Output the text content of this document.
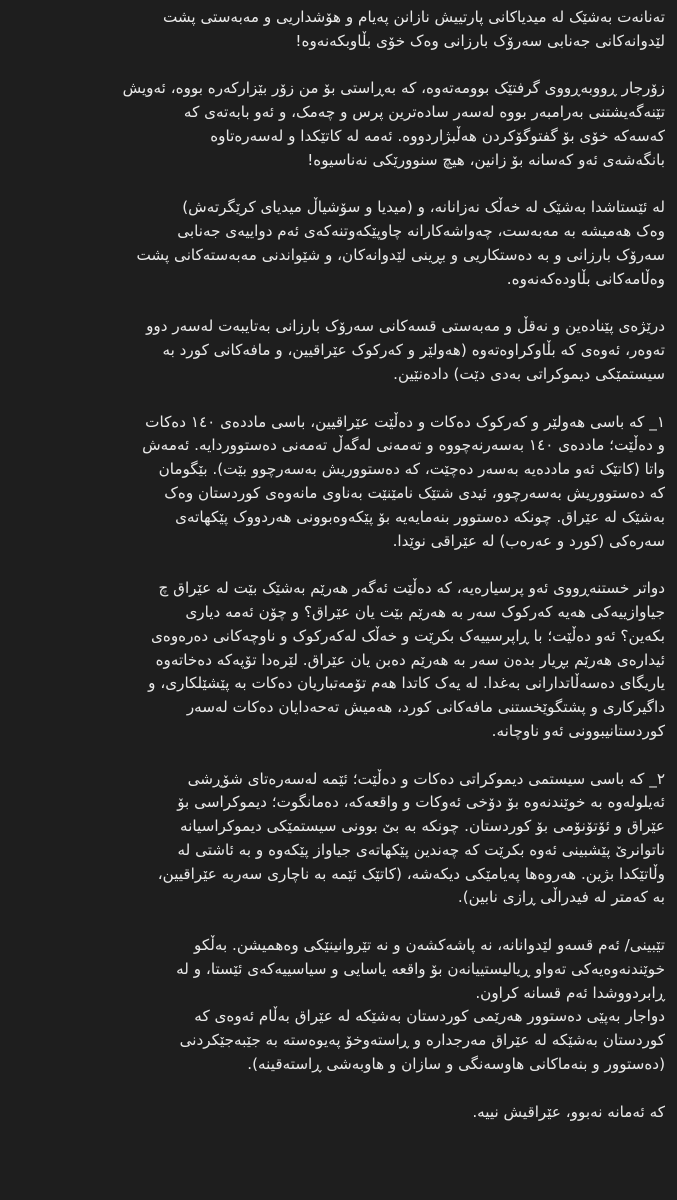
تەنانەت بەشێک لە میدیاکانی پارتییش نازانن پەیام و هۆشداریی و مەبەستی پشت
لێدوانەکانی جەنابی سەرۆک بارزانی وەک خۆی بڵاوبکەنەوە!

زۆرجار ڕووبەڕووی گرفتێک بوومەتەوە، کە بەڕاستی بۆ من زۆر بێزارکەرە بووە، ئەویش
تێنەگەیشتنی بەرامبەر بووە لەسەر سادەترین پرس و چەمک، و ئەو بابەتەی کە
کەسەکە خۆی بۆ گفتوگۆکردن هەڵبژاردووە. ئەمە لە کاتێکدا و لەسەرەتاوە
بانگەشەی ئەو کەسانە بۆ زانین، هیچ سنوورێکی نەناسیوە!

لە ئێستاشدا بەشێک لە خەڵک نەزانانە، و (میدیا و سۆشیاڵ میدیای کرێگرتەش)
وەک هەمیشە بە مەبەست، چەواشەکارانە چاوپێکەوتنەکەی ئەم دواییەی جەنابی
سەرۆک بارزانی و بە دەستکاریی و بڕینی لێدوانەکان، و شێواندنی مەبەستەکانی پشت
وەڵامەکانی بڵاودەکەنەوە.

درێژەی پێنادەین و نەقڵ و مەبەستی قسەکانی سەرۆک بارزانی بەتایبەت لەسەر دوو
تەوەر، ئەوەی کە بڵاوکراوەتەوە (هەولێر و کەرکوک عێراقیین، و مافەکانی کورد بە
سیستمێکی دیموکراتی بەدی دێت) دادەنێین.

١_ کە باسی هەولێر و کەرکوک دەکات و دەڵێت عێراقیین، باسی ماددەی ١٤٠ دەکات
و دەڵێت؛ ماددەی ١٤٠ بەسەرنەچووە و تەمەنی لەگەڵ تەمەنی دەستووردایە. ئەمەش
واتا (کاتێک ئەو ماددەیە بەسەر دەچێت، کە دەستووریش بەسەرچوو بێت). بێگومان
کە دەستووریش بەسەرچوو، ئیدی شتێک نامێنێت بەناوی مانەوەی کوردستان وەک
بەشێک لە عێراق. چونکە دەستوور بنەمایەیە بۆ پێکەوەبوونی هەردووک پێکهاتەی
سەرەکی (کورد و عەرەب) لە عێراقی نوێدا.

دواتر خستنەڕووی ئەو پرسیارەیە، کە دەڵێت ئەگەر هەرێم بەشێک بێت لە عێراق چ
جیاوازییەکی هەیە کەرکوک سەر بە هەرێم بێت یان عێراق؟ و چۆن ئەمە دیاری
بکەین؟ ئەو دەڵێت؛ با ڕاپرسییەک بکرێت و خەڵک لەکەرکوک و ناوچەکانی دەرەوەی
ئیدارەی هەرێم بڕیار بدەن سەر بە هەرێم دەبن یان عێراق. لێرەدا تۆپەکە دەخاتەوە
یاریگای دەسەڵاتدارانی بەغدا. لە یەک کاتدا هەم تۆمەتباریان دەکات بە پێشێلکاری، و
داگیرکاری و پشتگوێخستنی مافەکانی کورد، هەمیش تەحەدایان دەکات لەسەر
کوردستانیبوونی ئەو ناوچانە.

٢_ کە باسی سیستمی دیموکراتی دەکات و دەڵێت؛ ئێمە لەسەرەتای شۆڕشی
ئەیلولەوە بە خوێندنەوە بۆ دۆخی ئەوکات و واقعەکە، دەمانگوت؛ دیموکراسی بۆ
عێراق و ئۆتۆنۆمی بۆ کوردستان. چونکە بە بێ بوونی سیستمێکی دیموکراسیانە
ناتوانرێ پێشبینی ئەوە بکرێت کە چەندین پێکهاتەی جیاواز پێکەوە و بە ئاشتی لە
وڵاتێکدا بژین. هەروەها پەیامێکی دیکەشە، (کاتێک ئێمە بە ناچاری سەربە عێراقیین،
بە کەمتر لە فیدراڵی ڕازی نابین).

تێبینی/ ئەم قسەو لێدوانانە، نە پاشەکشەن و نە تێروانینێکی وەهمیشن. بەڵکو
خوێندنەوەیەکی تەواو ڕیالیستییانەن بۆ واقعە یاسایی و سیاسییەکەی ئێستا، و لە
ڕابردووشدا ئەم قسانە کراون.
دواجار بەپێی دەستوور هەرێمی کوردستان بەشێکە لە عێراق بەڵام ئەوەی کە
کوردستان بەشێکە لە عێراق مەرجدارە و ڕاستەوخۆ پەیوەستە بە جێبەجێکردنی
(دەستوور و بنەماکانی هاوسەنگی و سازان و هاوبەشی ڕاستەقینە).

کە ئەمانە نەبوو، عێراقیش نییە.
